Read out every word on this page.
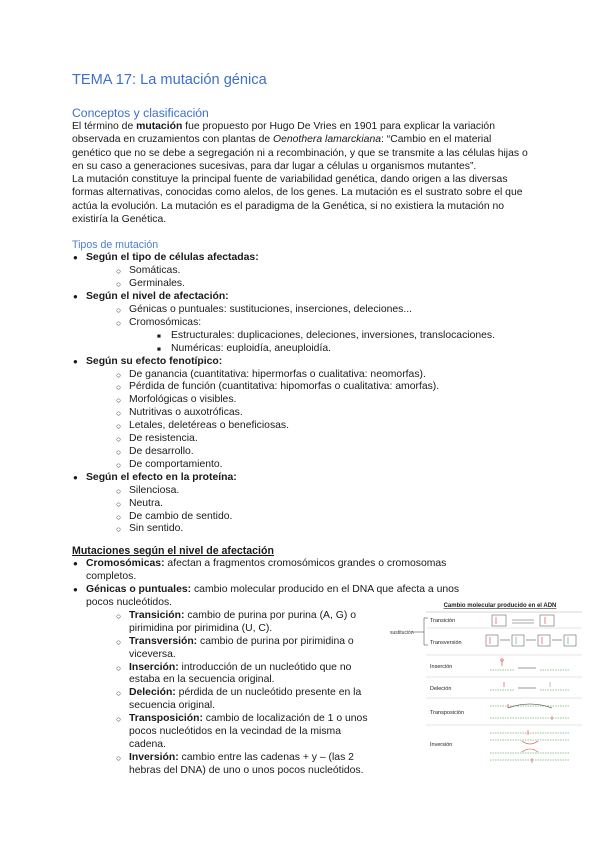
TEMA 17: La mutación génica
Conceptos y clasificación

El término de mutación fue propuesto por Hugo De Vries en 1901 para explicar la variación observada en cruzamientos con plantas de Oenothera lamarckiana: “Cambio en el material genético que no se debe a segregación ni a recombinación, y que se transmite a las células hijas o en su caso a generaciones sucesivas, para dar lugar a células u organismos mutantes”.

La mutación constituye la principal fuente de variabilidad genética, dando origen a las diversas formas alternativas, conocidas como alelos, de los genes. La mutación es el sustrato sobre el que actúa la evolución. La mutación es el paradigma de la Genética, si no existiera la mutación no existiría la Genética.

Tipos de mutación
● Según el tipo de células afectadas:
○ Somáticas.
○ Germinales.
● Según el nivel de afectación:
○ Génicas o puntuales: sustituciones, inserciones, deleciones...
○ Cromosómicas:
■ Estructurales: duplicaciones, deleciones, inversiones, translocaciones.
■ Numéricas: euploidía, aneuploidía.
● Según su efecto fenotípico:
○ De ganancia (cuantitativa: hipermorfas o cualitativa: neomorfas).
○ Pérdida de función (cuantitativa: hipomorfas o cualitativa: amorfas).
○ Morfológicas o visibles.
○ Nutritivas o auxotróficas.
○ Letales, deletéreas o beneficiosas.
○ De resistencia.
○ De desarrollo.
○ De comportamiento.
● Según el efecto en la proteína:
○ Silenciosa.
○ Neutra.
○ De cambio de sentido.
○ Sin sentido.
Mutaciones según el nivel de afectación
● Cromosómicas: afectan a fragmentos cromosómicos grandes o cromosomas completos.
● Génicas o puntuales: cambio molecular producido en el DNA que afecta a unos pocos nucleótidos.
○ Transición: cambio de purina por purina (A, G) o pirimidina por pirimidina (U, C).
○ Transversión: cambio de purina por pirimidina o viceversa.
○ Inserción: introducción de un nucleótido que no estaba en la secuencia original.
○ Deleción: pérdida de un nucleótido presente en la secuencia original.
○ Transposición: cambio de localización de 1 o unos pocos nucleótidos en la vecindad de la misma cadena.
○ Inversión: cambio entre las cadenas + y – (las 2 hebras del DNA) de uno o unos pocos nucleótidos.
Cambio molecular producido en el ADN
sustitución
Transición
Transversión
Inserción
Deleción
Transposición
Inversión
